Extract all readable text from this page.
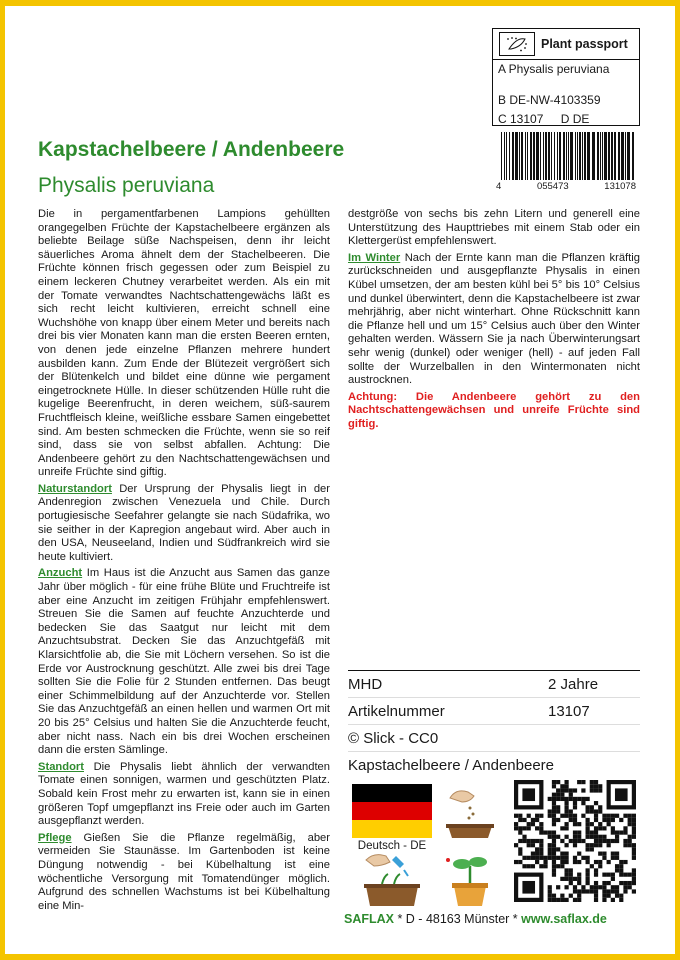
Plant passport
A Physalis peruviana
B DE-NW-4103359
C 13107 D DE
4	055473	131078
Kapstachelbeere / Andenbeere
Physalis peruviana

Die in pergamentfarbenen Lampions gehüllten orangegelben Früchte der Kapstachelbeere ergänzen als beliebte Beilage süße Nachspeisen, denn ihr leicht säuerliches Aroma ähnelt dem der Stachelbeeren. Die Früchte können frisch gegessen oder zum Beispiel zu einem leckeren Chutney verarbeitet werden. Als ein mit der Tomate verwandtes Nachtschattengewächs läßt es sich recht leicht kultivieren, erreicht schnell eine Wuchshöhe von knapp über einem Meter und bereits nach drei bis vier Monaten kann man die ersten Beeren ernten, von denen jede einzelne Pflanzen mehrere hundert ausbilden kann. Zum Ende der Blütezeit vergrößert sich der Blütenkelch und bildet eine dünne wie pergament eingetrocknete Hülle. In dieser schützenden Hülle ruht die kugelige Beerenfrucht, in deren weichem, süß-saurem Fruchtfleisch kleine, weißliche essbare Samen eingebettet sind. Am besten schmecken die Früchte, wenn sie so reif sind, dass sie von selbst abfallen. Achtung: Die Andenbeere gehört zu den Nachtschattengewächsen und unreife Früchte sind giftig.

Naturstandort Der Ursprung der Physalis liegt in der Andenregion zwischen Venezuela und Chile. Durch portugiesische Seefahrer gelangte sie nach Südafrika, wo sie seither in der Kapregion angebaut wird. Aber auch in den USA, Neuseeland, Indien und Südfrankreich wird sie heute kultiviert.

Anzucht Im Haus ist die Anzucht aus Samen das ganze Jahr über möglich - für eine frühe Blüte und Fruchtreife ist aber eine Anzucht im zeitigen Frühjahr empfehlenswert. Streuen Sie die Samen auf feuchte Anzuchterde und bedecken Sie das Saatgut nur leicht mit dem Anzuchtsubstrat. Decken Sie das Anzuchtgefäß mit Klarsichtfolie ab, die Sie mit Löchern versehen. So ist die Erde vor Austrocknung geschützt. Alle zwei bis drei Tage sollten Sie die Folie für 2 Stunden entfernen. Das beugt einer Schimmelbildung auf der Anzuchterde vor. Stellen Sie das Anzuchtgefäß an einen hellen und warmen Ort mit 20 bis 25° Celsius und halten Sie die Anzuchterde feucht, aber nicht nass. Nach ein bis drei Wochen erscheinen dann die ersten Sämlinge.

Standort Die Physalis liebt ähnlich der verwandten Tomate einen sonnigen, warmen und geschützten Platz. Sobald kein Frost mehr zu erwarten ist, kann sie in einen größeren Topf umgepflanzt ins Freie oder auch im Garten ausgepflanzt werden.

Pflege Gießen Sie die Pflanze regelmäßig, aber vermeiden Sie Staunässe. Im Gartenboden ist keine Düngung notwendig - bei Kübelhaltung ist eine wöchentliche Versorgung mit Tomatendünger möglich. Aufgrund des schnellen Wachstums ist bei Kübelhaltung eine Min-

destgröße von sechs bis zehn Litern und generell eine Unterstützung des Haupttriebes mit einem Stab oder ein Klettergerüst empfehlenswert.

Im Winter Nach der Ernte kann man die Pflanzen kräftig zurückschneiden und ausgepflanzte Physalis in einen Kübel umsetzen, der am besten kühl bei 5° bis 10° Celsius und dunkel überwintert, denn die Kapstachelbeere ist zwar mehrjährig, aber nicht winterhart. Ohne Rückschnitt kann die Pflanze hell und um 15° Celsius auch über den Winter gehalten werden. Wässern Sie ja nach Überwinterungsart sehr wenig (dunkel) oder weniger (hell) - auf jeden Fall sollte der Wurzelballen in den Wintermonaten nicht austrocknen.

Achtung: Die Andenbeere gehört zu den Nachtschattengewächsen und unreife Früchte sind giftig.

MHD	2 Jahre
Artikelnummer	13107
© Slick - CC0
Kapstachelbeere / Andenbeere
Deutsch - DE
SAFLAX * D - 48163 Münster * www.saflax.de
